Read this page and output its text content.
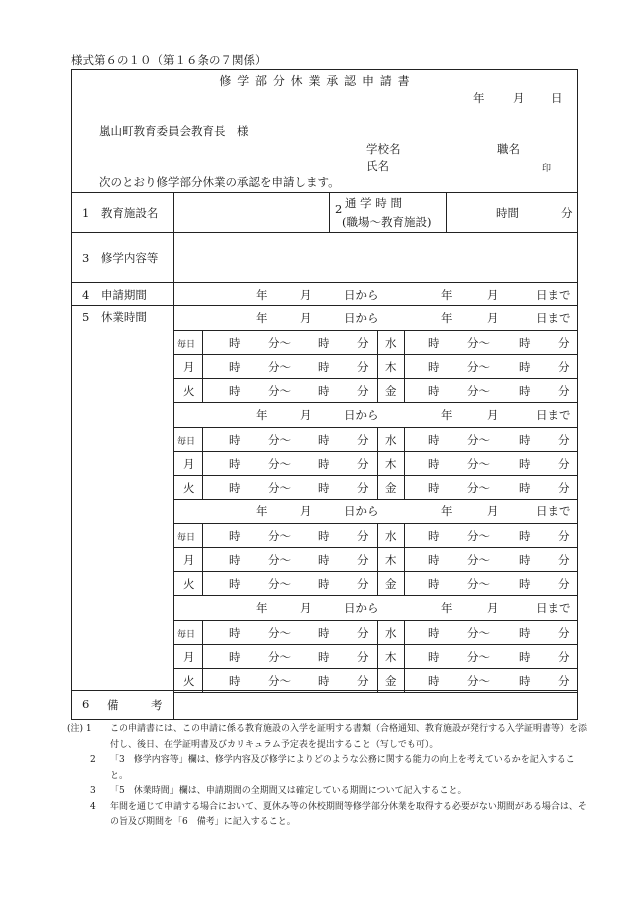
様式第６の１０（第１６条の７関係）
修 学 部 分 休 業 承 認 申 請 書
年 月 日
嵐山町教育委員会教育長　様
学校名	職名
氏名	印
次のとおり修学部分休業の承認を申請します。
1　教育施設名	2 通 学 時 間
(職場～教育施設)
時間	分
3　修学内容等
4　申請期間	年	月	日から	年	月	日まで
5　休業時間	年	月	日から	年	月	日まで
毎日	時 分～ 時 分 水	時 分～	時 分
月	時 分～ 時 分 木	時 分～	時 分
火	時 分～ 時 分 金	時 分～	時 分
年	月	日から	年	月	日まで
毎日	時 分～ 時 分 水	時 分～	時 分
月	時 分～ 時 分 木	時 分～	時 分
火	時 分～ 時 分 金	時 分～	時 分
年	月	日から	年	月	日まで
毎日	時 分～ 時 分 水	時 分～	時 分
月	時 分～ 時 分 木	時 分～	時 分
火	時 分～ 時 分 金	時 分～	時 分
年	月	日から	年	月	日まで
毎日	時 分～ 時 分 水	時 分～	時 分
月	時 分～ 時 分 木	時 分～	時 分
火	時 分～ 時 分 金	時 分～	時 分
6 備	考
(注) 1	この申請書には、この申請に係る教育施設の入学を証明する書類（合格通知、教育施設が発行する入学証明書等）を添付し、後日、在学証明書及びカリキュラム予定表を提出すること（写しでも可）。
2	「3　修学内容等」欄は、修学内容及び修学によりどのような公務に関する能力の向上を考えているかを記入すること。
3	「5　休業時間」欄は、申請期間の全期間又は確定している期間について記入すること。
4	年間を通じて申請する場合において、夏休み等の休校期間等修学部分休業を取得する必要がない期間がある場合は、その旨及び期間を「6　備考」に記入すること。
